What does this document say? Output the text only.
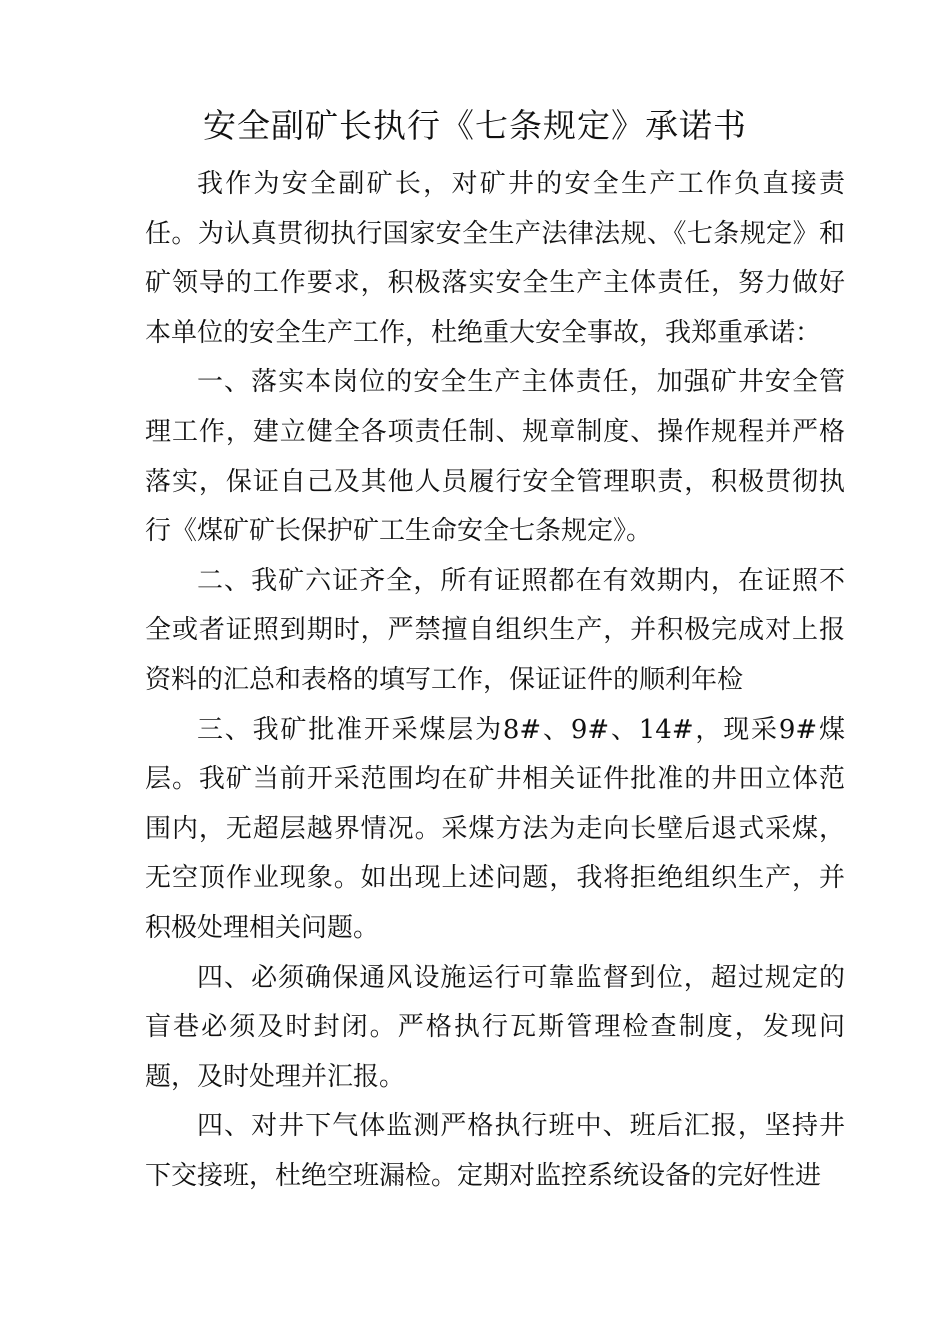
安全副矿长执行《七条规定》承诺书

我作为安全副矿长，对矿井的安全生产工作负直接责任。为认真贯彻执行国家安全生产法律法规、《七条规定》和矿领导的工作要求，积极落实安全生产主体责任，努力做好本单位的安全生产工作，杜绝重大安全事故，我郑重承诺：

一、落实本岗位的安全生产主体责任，加强矿井安全管理工作，建立健全各项责任制、规章制度、操作规程并严格落实，保证自己及其他人员履行安全管理职责，积极贯彻执行《煤矿矿长保护矿工生命安全七条规定》。

二、我矿六证齐全，所有证照都在有效期内，在证照不全或者证照到期时，严禁擅自组织生产，并积极完成对上报资料的汇总和表格的填写工作，保证证件的顺利年检

三、我矿批准开采煤层为8#、9#、14#，现采9#煤层。我矿当前开采范围均在矿井相关证件批准的井田立体范围内，无超层越界情况。采煤方法为走向长壁后退式采煤，无空顶作业现象。如出现上述问题，我将拒绝组织生产，并积极处理相关问题。

四、必须确保通风设施运行可靠监督到位，超过规定的盲巷必须及时封闭。严格执行瓦斯管理检查制度，发现问题，及时处理并汇报。

四、对井下气体监测严格执行班中、班后汇报，坚持井下交接班，杜绝空班漏检。定期对监控系统设备的完好性进
